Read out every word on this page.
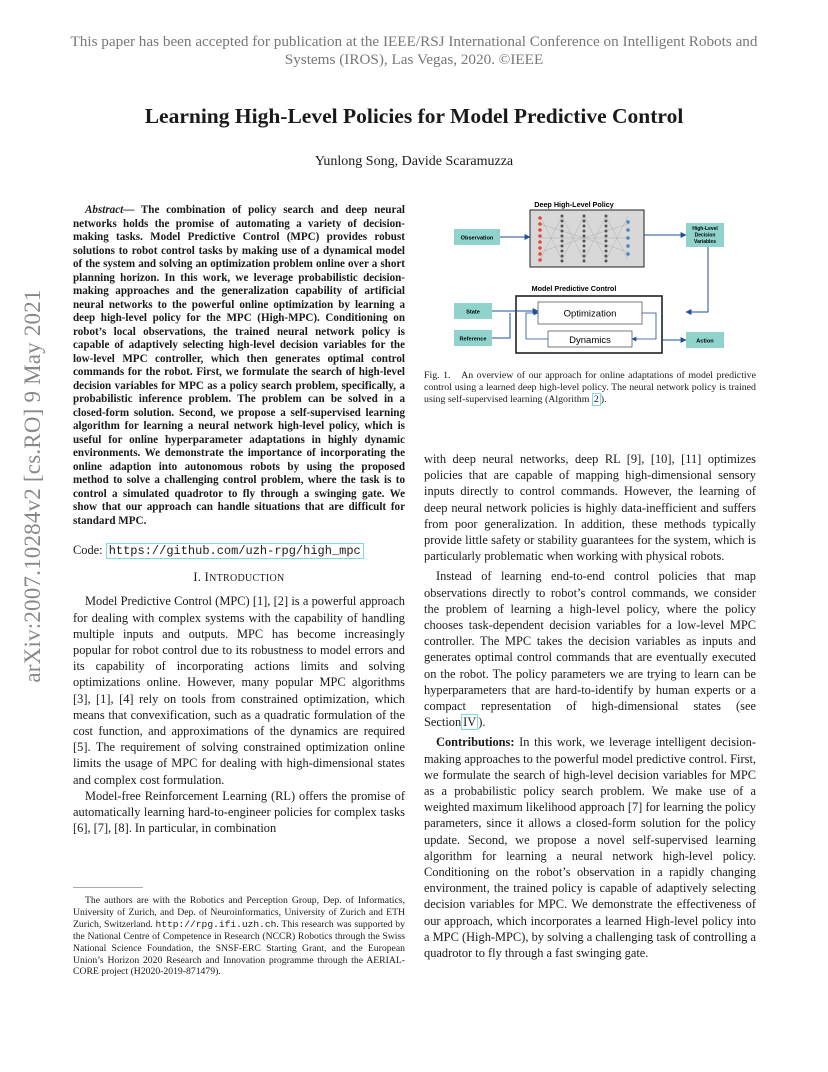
This paper has been accepted for publication at the IEEE/RSJ International Conference on Intelligent Robots and Systems (IROS), Las Vegas, 2020. ©IEEE
Learning High-Level Policies for Model Predictive Control
Yunlong Song, Davide Scaramuzza
arXiv:2007.10284v2 [cs.RO] 9 May 2021

Abstract— The combination of policy search and deep neural networks holds the promise of automating a variety of decision-making tasks. Model Predictive Control (MPC) provides robust solutions to robot control tasks by making use of a dynamical model of the system and solving an optimization problem online over a short planning horizon. In this work, we leverage probabilistic decision-making approaches and the generalization capability of artificial neural networks to the powerful online optimization by learning a deep high-level policy for the MPC (High-MPC). Conditioning on robot’s local observations, the trained neural network policy is capable of adaptively selecting high-level decision variables for the low-level MPC controller, which then generates optimal control commands for the robot. First, we formulate the search of high-level decision variables for MPC as a policy search problem, specifically, a probabilistic inference problem. The problem can be solved in a closed-form solution. Second, we propose a self-supervised learning algorithm for learning a neural network high-level policy, which is useful for online hyperparameter adaptations in highly dynamic environments. We demonstrate the importance of incorporating the online adaption into autonomous robots by using the proposed method to solve a challenging control problem, where the task is to control a simulated quadrotor to fly through a swinging gate. We show that our approach can handle situations that are difficult for standard MPC.

Code: https://github.com/uzh-rpg/high_mpc

I. INTRODUCTION

Model Predictive Control (MPC) [1], [2] is a powerful approach for dealing with complex systems with the capability of handling multiple inputs and outputs. MPC has become increasingly popular for robot control due to its robustness to model errors and its capability of incorporating actions limits and solving optimizations online. However, many popular MPC algorithms [3], [1], [4] rely on tools from constrained optimization, which means that convexification, such as a quadratic formulation of the cost function, and approximations of the dynamics are required [5]. The requirement of solving constrained optimization online limits the usage of MPC for dealing with high-dimensional states and complex cost formulation.

Model-free Reinforcement Learning (RL) offers the promise of automatically learning hard-to-engineer policies for complex tasks [6], [7], [8]. In particular, in combination

The authors are with the Robotics and Perception Group, Dep. of Informatics, University of Zurich, and Dep. of Neuroinformatics, University of Zurich and ETH Zurich, Switzerland. http://rpg.ifi.uzh.ch. This research was supported by the National Centre of Competence in Research (NCCR) Robotics through the Swiss National Science Foundation, the SNSF-ERC Starting Grant, and the European Union’s Horizon 2020 Research and Innovation programme through the AERIAL-CORE project (H2020-2019-871479).

Deep High-Level Policy
Observation
High-Level
Decision
Variables
Model Predictive Control
Optimization
Dynamics
State
Reference	Action

Fig. 1. An overview of our approach for online adaptations of model predictive control using a learned deep high-level policy. The neural network policy is trained using self-supervised learning (Algorithm 2 ).

with deep neural networks, deep RL [9], [10], [11] optimizes policies that are capable of mapping high-dimensional sensory inputs directly to control commands. However, the learning of deep neural network policies is highly data-inefficient and suffers from poor generalization. In addition, these methods typically provide little safety or stability guarantees for the system, which is particularly problematic when working with physical robots.

Instead of learning end-to-end control policies that map observations directly to robot’s control commands, we consider the problem of learning a high-level policy, where the policy chooses task-dependent decision variables for a low-level MPC controller. The MPC takes the decision variables as inputs and generates optimal control commands that are eventually executed on the robot. The policy parameters we are trying to learn can be hyperparameters that are hard-to-identify by human experts or a compact representation of high-dimensional states (see Section IV ).

Contributions: In this work, we leverage intelligent decision-making approaches to the powerful model predictive control. First, we formulate the search of high-level decision variables for MPC as a probabilistic policy search problem. We make use of a weighted maximum likelihood approach [7] for learning the policy parameters, since it allows a closed-form solution for the policy update. Second, we propose a novel self-supervised learning algorithm for learning a neural network high-level policy. Conditioning on the robot’s observation in a rapidly changing environment, the trained policy is capable of adaptively selecting decision variables for MPC. We demonstrate the effectiveness of our approach, which incorporates a learned High-level policy into a MPC (High-MPC), by solving a challenging task of controlling a quadrotor to fly through a fast swinging gate.
